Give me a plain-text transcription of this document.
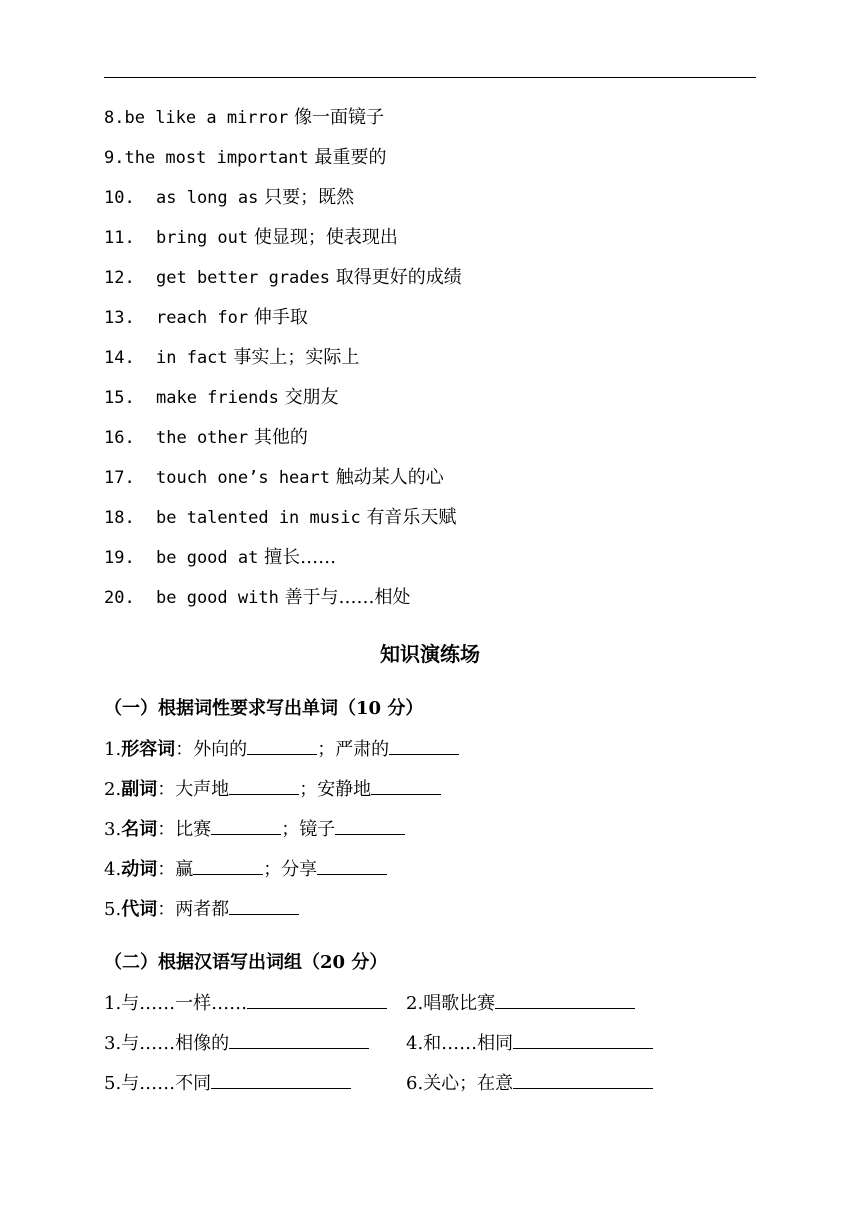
8.be like a mirror 像一面镜子
9.the most important 最重要的
10. as long as 只要；既然
11. bring out 使显现；使表现出
12. get better grades 取得更好的成绩
13. reach for 伸手取
14. in fact 事实上；实际上
15. make friends 交朋友
16. the other 其他的
17. touch one’s heart 触动某人的心
18. be talented in music 有音乐天赋
19. be good at 擅长……
20. be good with 善于与……相处
知识演练场
（一）根据词性要求写出单词（10 分）
1.形容词：外向的	；严肃的
2.副词：大声地	；安静地
3.名词：比赛	；镜子
4.动词：赢	；分享
5.代词：两者都
（二）根据汉语写出词组（20 分）
1.与……一样……	2.唱歌比赛
3.与……相像的	4.和……相同
5.与……不同	6.关心；在意
